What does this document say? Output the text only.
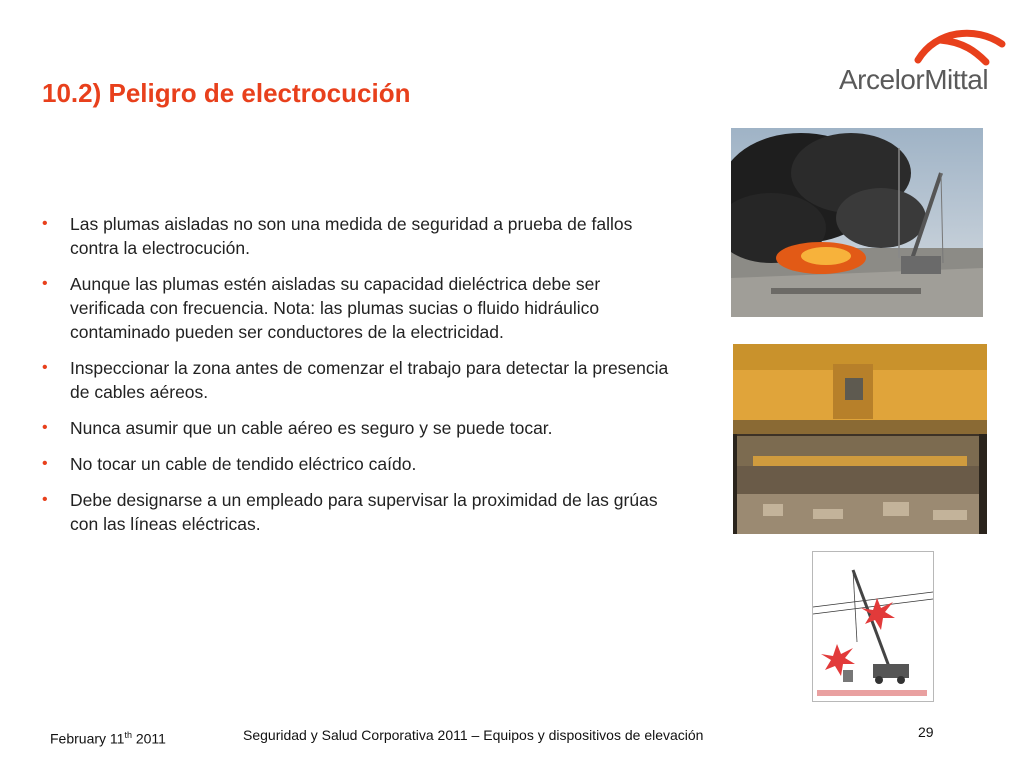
10.2) Peligro de electrocución	ArcelorMittal
• Las plumas aisladas no son una medida de seguridad a prueba de fallos contra la electrocución.
• Aunque las plumas estén aisladas su capacidad dieléctrica debe ser verificada con frecuencia. Nota: las plumas sucias o fluido hidráulico contaminado pueden ser conductores de la electricidad.
• Inspeccionar la zona antes de comenzar el trabajo para detectar la presencia de cables aéreos.
• Nunca asumir que un cable aéreo es seguro y se puede tocar.
• No tocar un cable de tendido eléctrico caído.
• Debe designarse a un empleado para supervisar la proximidad de las grúas con las líneas eléctricas.
February 11th 2011	Seguridad y Salud Corporativa 2011 – Equipos y dispositivos de elevación	29
